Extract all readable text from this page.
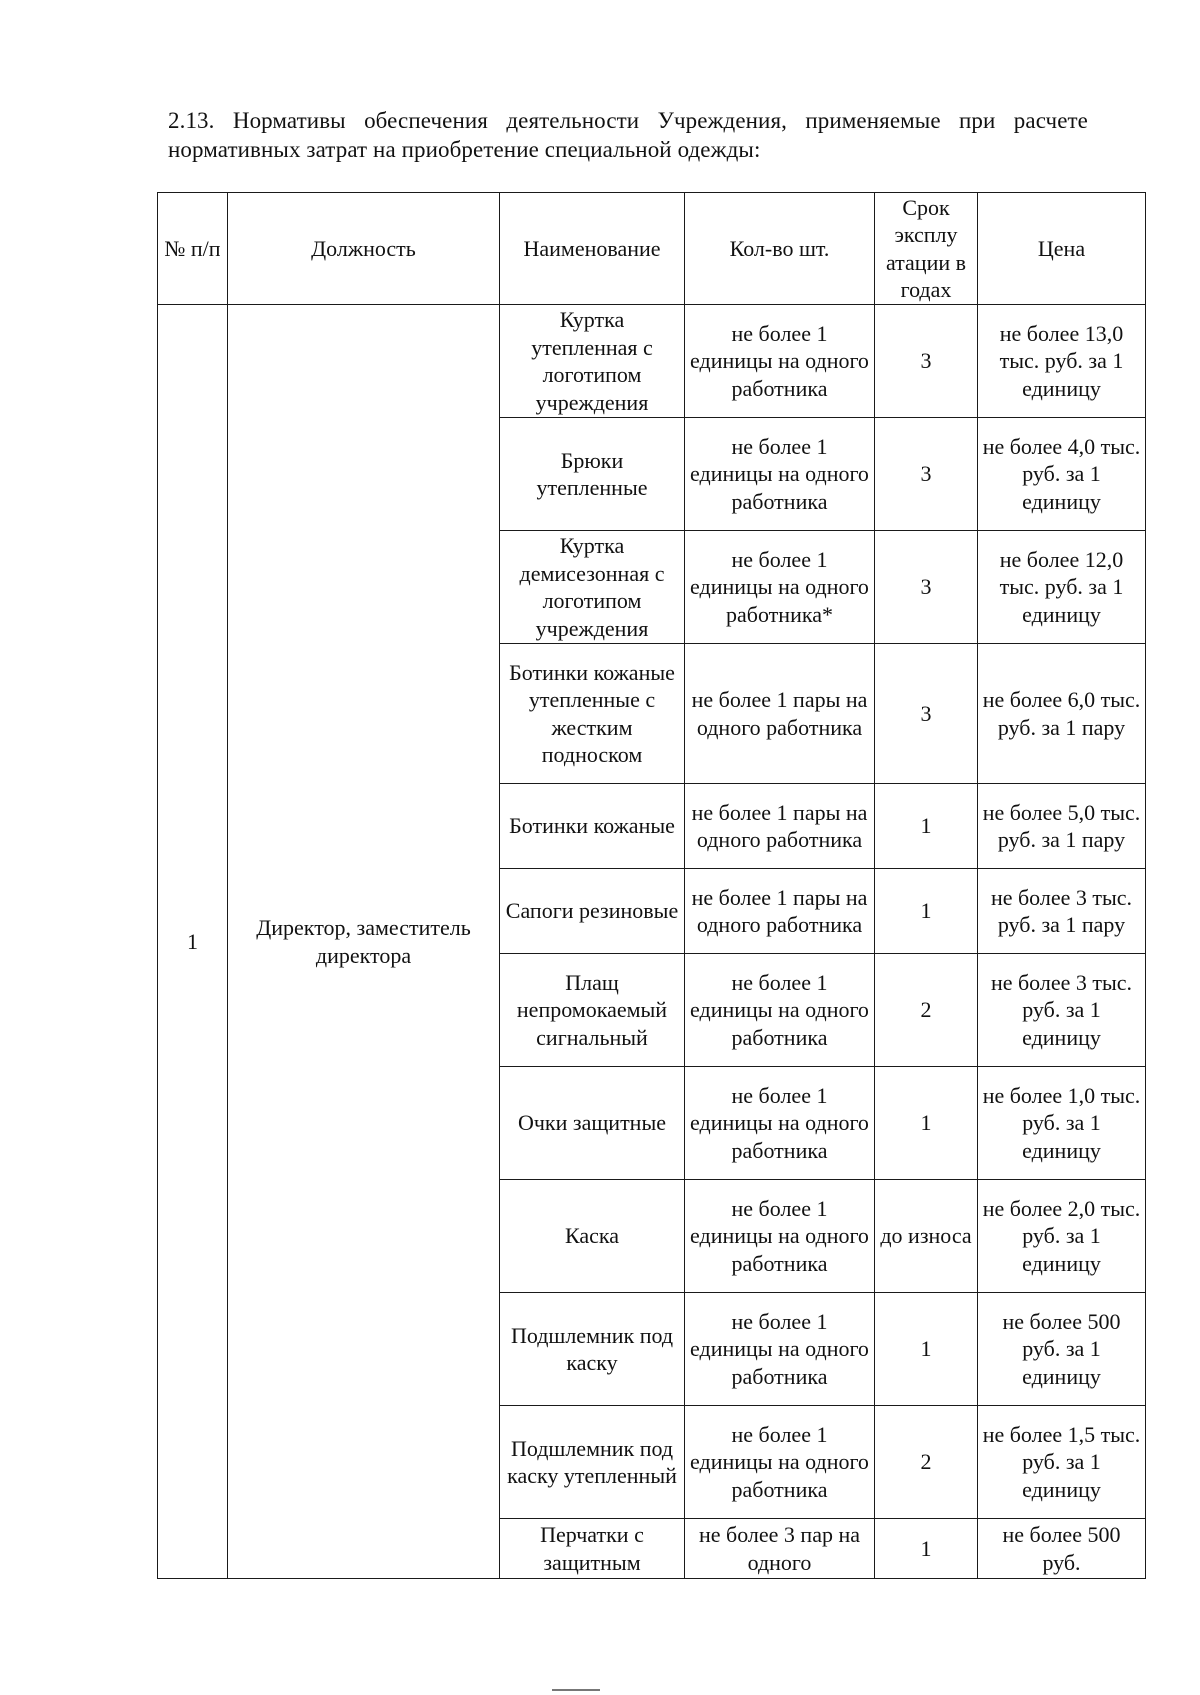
2.13. Нормативы обеспечения деятельности Учреждения, применяемые при расчете нормативных затрат на приобретение специальной одежды:
№ п/п	Должность	Наименование	Кол-во шт.	Срок эксплу атации в годах	Цена
1	Директор, заместитель директора	Куртка утепленная с логотипом учреждения	не более 1 единицы на одного работника	3	не более 13,0 тыс. руб. за 1 единицу
		Брюки утепленные	не более 1 единицы на одного работника	3	не более 4,0 тыс. руб. за 1 единицу
		Куртка демисезонная с логотипом учреждения	не более 1 единицы на одного работника*	3	не более 12,0 тыс. руб. за 1 единицу
		Ботинки кожаные утепленные с жестким подноском	не более 1 пары на одного работника	3	не более 6,0 тыс. руб. за 1 пару
		Ботинки кожаные	не более 1 пары на одного работника	1	не более 5,0 тыс. руб. за 1 пару
		Сапоги резиновые	не более 1 пары на одного работника	1	не более 3 тыс. руб. за 1 пару
		Плащ непромокаемый сигнальный	не более 1 единицы на одного работника	2	не более 3 тыс. руб. за 1 единицу
		Очки защитные	не более 1 единицы на одного работника	1	не более 1,0 тыс. руб. за 1 единицу
		Каска	не более 1 единицы на одного работника	до износа	не более 2,0 тыс. руб. за 1 единицу
		Подшлемник под каску	не более 1 единицы на одного работника	1	не более 500 руб. за 1 единицу
		Подшлемник под каску утепленный	не более 1 единицы на одного работника	2	не более 1,5 тыс. руб. за 1 единицу
		Перчатки с защитным	не более 3 пар на одного	1	не более 500 руб.
